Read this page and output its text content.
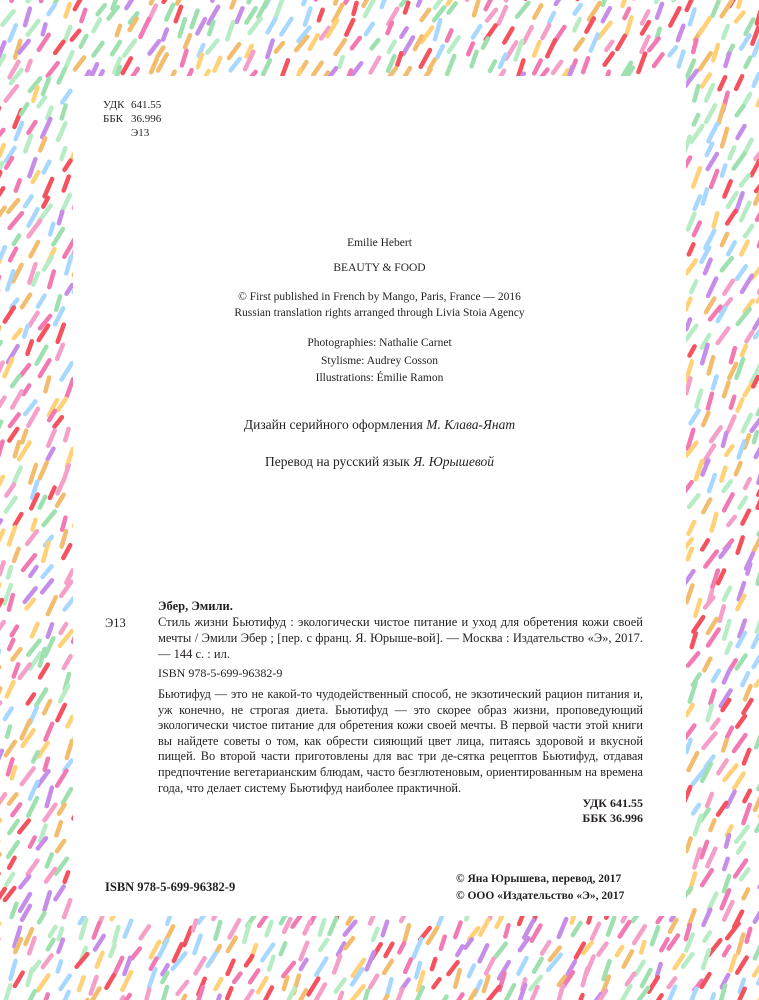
УДК 641.55
ББК 36.996
Э13
Emilie Hebert
BEAUTY & FOOD
© First published in French by Mango, Paris, France — 2016
Russian translation rights arranged through Livia Stoia Agency
Photographies: Nathalie Carnet
Stylisme: Audrey Cosson
Illustrations: Émilie Ramon
Дизайн серийного оформления М. Клава-Янат
Перевод на русский язык Я. Юрышевой
Э13

Эбер, Эмили.

Стиль жизни Бьютифуд : экологически чистое питание и уход для обретения кожи своей мечты / Эмили Эбер ; [пер. с франц. Я. Юрыше-вой]. — Москва : Издательство «Э», 2017. — 144 с. : ил.

ISBN 978-5-699-96382-9

Бьютифуд — это не какой-то чудодейственный способ, не экзотический рацион питания и, уж конечно, не строгая диета. Бьютифуд — это скорее образ жизни, проповедующий экологически чистое питание для обретения кожи своей мечты. В первой части этой книги вы найдете советы о том, как обрести сияющий цвет лица, питаясь здоровой и вкусной пищей. Во второй части приготовлены для вас три де-сятка рецептов Бьютифуд, отдавая предпочтение вегетарианским блюдам, часто безглютеновым, ориентированным на времена года, что делает систему Бьютифуд наиболее практичной.

УДК 641.55

ББК 36.996

ISBN 978-5-699-96382-9
© Яна Юрышева, перевод, 2017
© ООО «Издательство «Э», 2017
